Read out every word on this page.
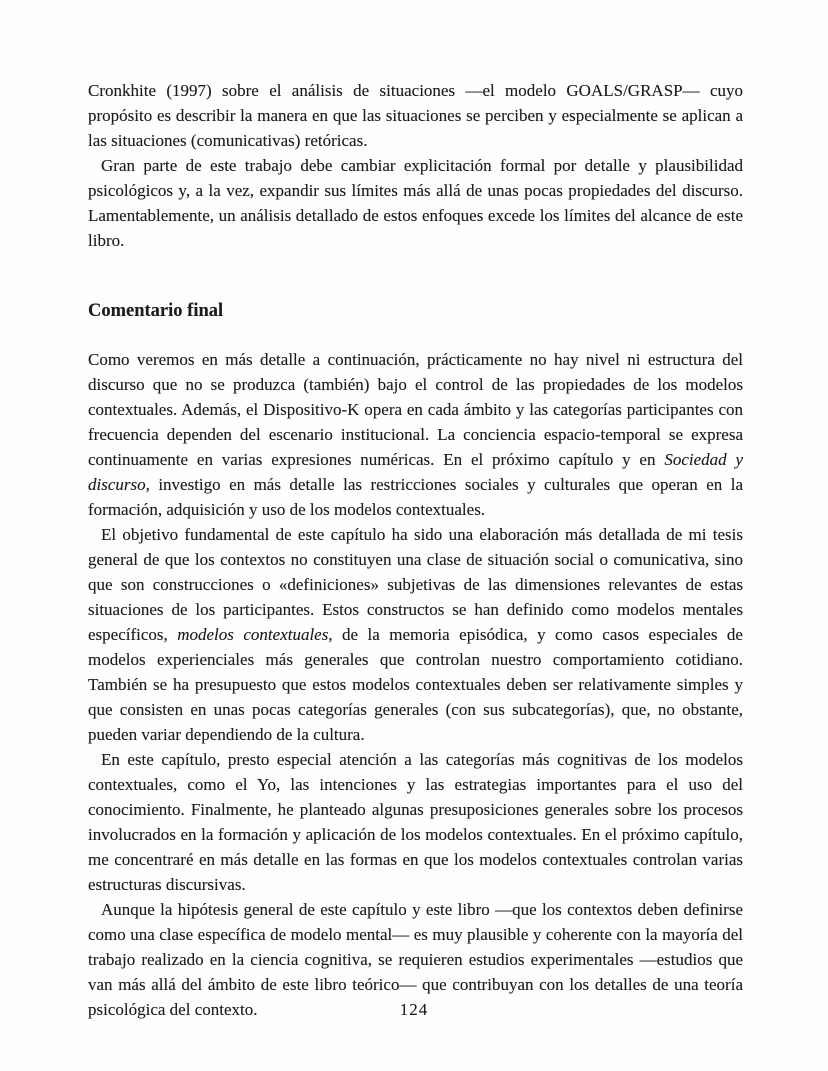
Cronkhite (1997) sobre el análisis de situaciones —el modelo GOALS/GRASP— cuyo propósito es describir la manera en que las situaciones se perciben y especialmente se aplican a las situaciones (comunicativas) retóricas.

Gran parte de este trabajo debe cambiar explicitación formal por detalle y plausibilidad psicológicos y, a la vez, expandir sus límites más allá de unas pocas propiedades del discurso. Lamentablemente, un análisis detallado de estos enfoques excede los límites del alcance de este libro.

Comentario final

Como veremos en más detalle a continuación, prácticamente no hay nivel ni estructura del discurso que no se produzca (también) bajo el control de las propiedades de los modelos contextuales. Además, el Dispositivo-K opera en cada ámbito y las categorías participantes con frecuencia dependen del escenario institucional. La conciencia espacio-temporal se expresa continuamente en varias expresiones numéricas. En el próximo capítulo y en Sociedad y discurso, investigo en más detalle las restricciones sociales y culturales que operan en la formación, adquisición y uso de los modelos contextuales.

El objetivo fundamental de este capítulo ha sido una elaboración más detallada de mi tesis general de que los contextos no constituyen una clase de situación social o comunicativa, sino que son construcciones o «definiciones» subjetivas de las dimensiones relevantes de estas situaciones de los participantes. Estos constructos se han definido como modelos mentales específicos, modelos contextuales, de la memoria episódica, y como casos especiales de modelos experienciales más generales que controlan nuestro comportamiento cotidiano. También se ha presupuesto que estos modelos contextuales deben ser relativamente simples y que consisten en unas pocas categorías generales (con sus subcategorías), que, no obstante, pueden variar dependiendo de la cultura.

En este capítulo, presto especial atención a las categorías más cognitivas de los modelos contextuales, como el Yo, las intenciones y las estrategias importantes para el uso del conocimiento. Finalmente, he planteado algunas presuposiciones generales sobre los procesos involucrados en la formación y aplicación de los modelos contextuales. En el próximo capítulo, me concentraré en más detalle en las formas en que los modelos contextuales controlan varias estructuras discursivas.

Aunque la hipótesis general de este capítulo y este libro —que los contextos deben definirse como una clase específica de modelo mental— es muy plausible y coherente con la mayoría del trabajo realizado en la ciencia cognitiva, se requieren estudios experimentales —estudios que van más allá del ámbito de este libro teórico— que contribuyan con los detalles de una teoría psicológica del contexto.	124
